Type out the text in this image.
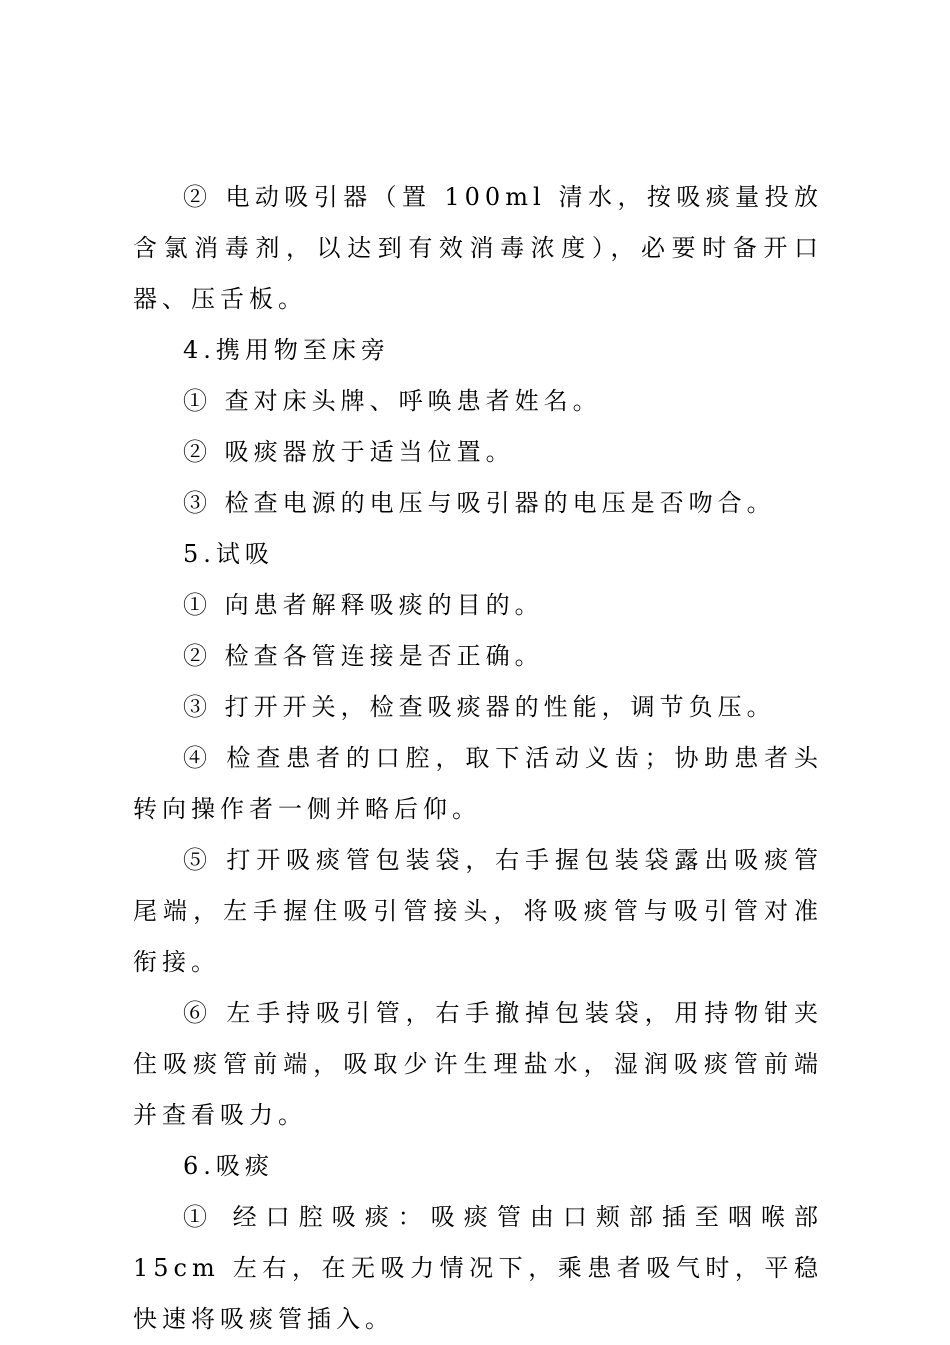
② 电动吸引器（置 100ml 清水，按吸痰量投放含氯消毒剂，以达到有效消毒浓度），必要时备开口器、压舌板。

4.携用物至床旁

① 查对床头牌、呼唤患者姓名。

② 吸痰器放于适当位置。

③ 检查电源的电压与吸引器的电压是否吻合。

5.试吸

① 向患者解释吸痰的目的。

② 检查各管连接是否正确。

③ 打开开关，检查吸痰器的性能，调节负压。

④ 检查患者的口腔，取下活动义齿；协助患者头转向操作者一侧并略后仰。

⑤ 打开吸痰管包装袋，右手握包装袋露出吸痰管尾端，左手握住吸引管接头，将吸痰管与吸引管对准衔接。

⑥ 左手持吸引管，右手撤掉包装袋，用持物钳夹住吸痰管前端，吸取少许生理盐水，湿润吸痰管前端并查看吸力。

6.吸痰

① 经口腔吸痰：吸痰管由口颊部插至咽喉部 15cm 左右，在无吸力情况下，乘患者吸气时，平稳快速将吸痰管插入。
